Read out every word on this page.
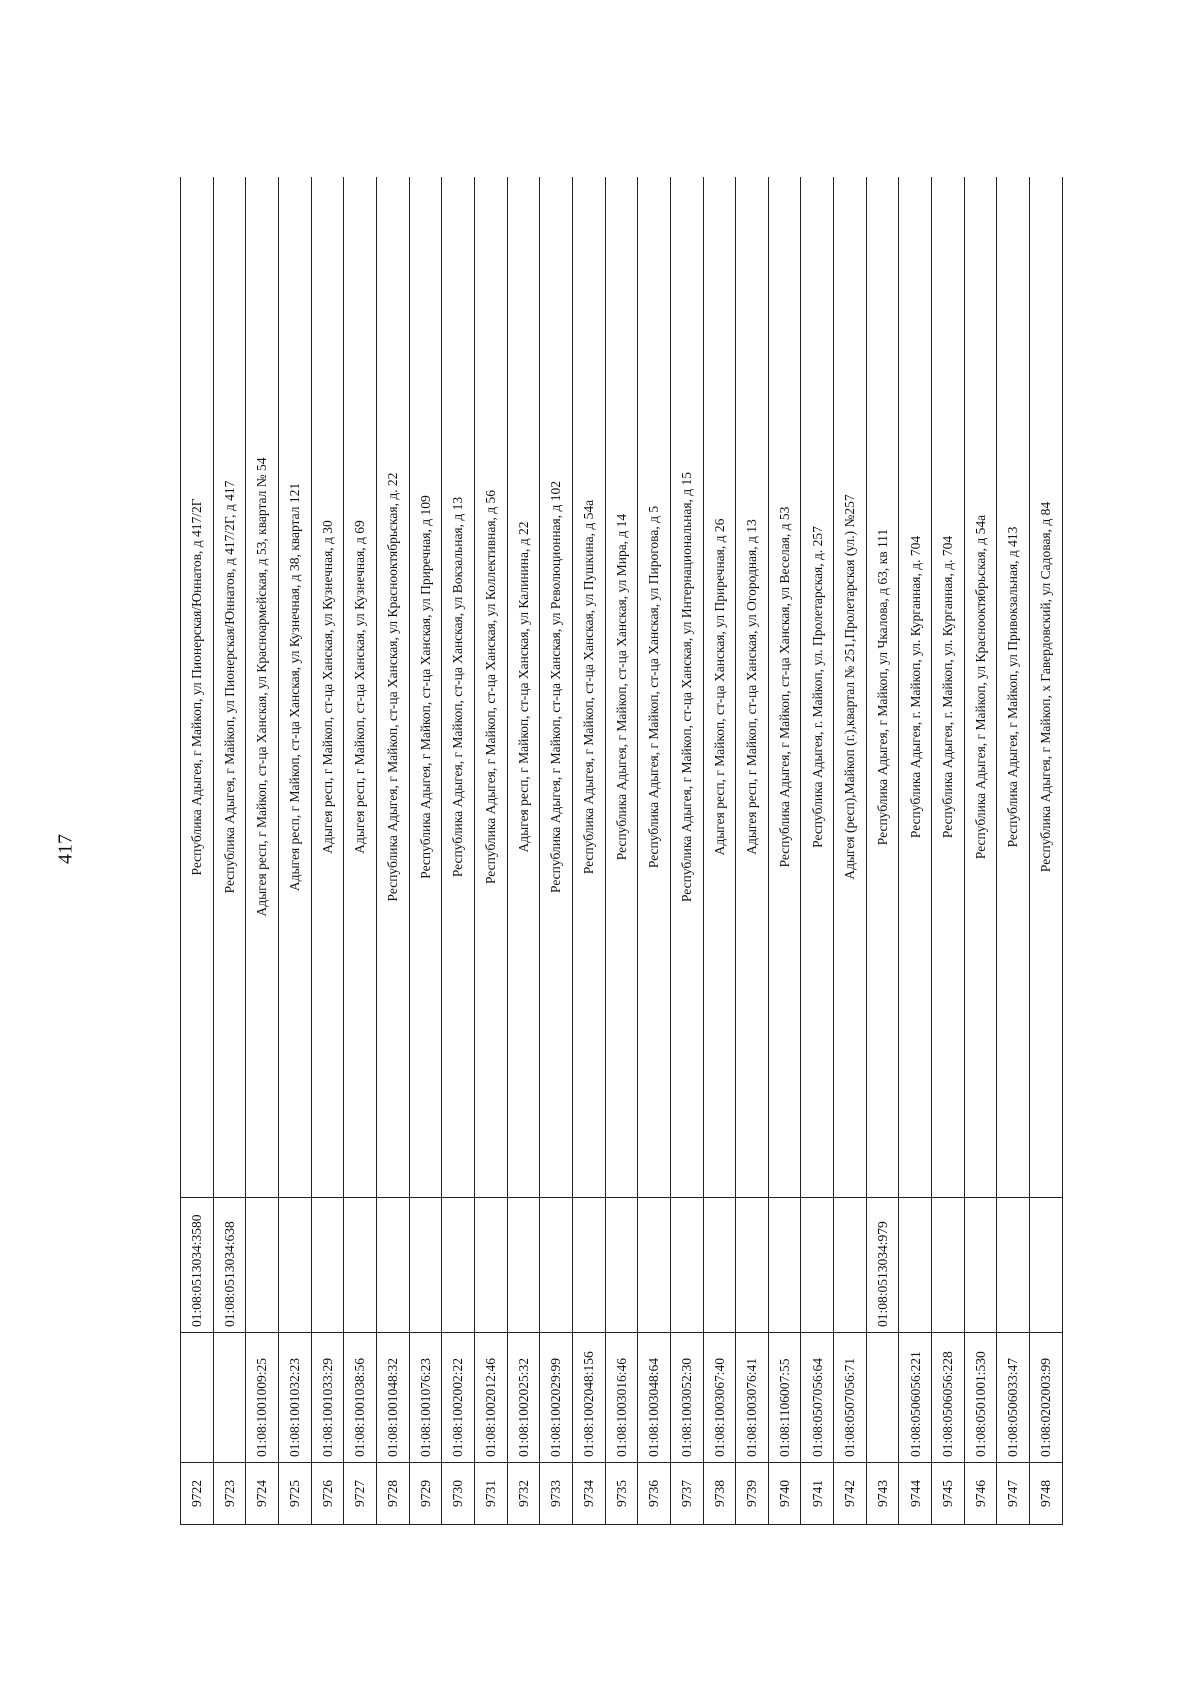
417
9722		01:08:0513034:3580	Республика Адыгея, г Майкоп, ул Пионерская/Юннатов, д 417/2Г
9723		01:08:0513034:638	Республика Адыгея, г Майкоп, ул Пионерская/Юннатов, д 417/2Г, д 417
9724	01:08:1001009:25		Адыгея респ, г Майкоп, ст-ца Ханская, ул Красноармейская, д 53, квартал № 54
9725	01:08:1001032:23		Адыгея респ, г Майкоп, ст-ца Ханская, ул Кузнечная, д 38, квартал 121
9726	01:08:1001033:29		Адыгея респ, г Майкоп, ст-ца Ханская, ул Кузнечная, д 30
9727	01:08:1001038:56		Адыгея респ, г Майкоп, ст-ца Ханская, ул Кузнечная, д 69
9728	01:08:1001048:32		Республика Адыгея, г Майкоп, ст-ца Ханская, ул Краснооктябрьская, д. 22
9729	01:08:1001076:23		Республика Адыгея, г Майкоп, ст-ца Ханская, ул Приречная, д 109
9730	01:08:1002002:22		Республика Адыгея, г Майкоп, ст-ца Ханская, ул Вокзальная, д 13
9731	01:08:1002012:46		Республика Адыгея, г Майкоп, ст-ца Ханская, ул Коллективная, д 56
9732	01:08:1002025:32		Адыгея респ, г Майкоп, ст-ца Ханская, ул Калинина, д 22
9733	01:08:1002029:99		Республика Адыгея, г Майкоп, ст-ца Ханская, ул Революционная, д 102
9734	01:08:1002048:156		Республика Адыгея, г Майкоп, ст-ца Ханская, ул Пушкина, д 54а
9735	01:08:1003016:46		Республика Адыгея, г Майкоп, ст-ца Ханская, ул Мира, д 14
9736	01:08:1003048:64		Республика Адыгея, г Майкоп, ст-ца Ханская, ул Пирогова, д 5
9737	01:08:1003052:30		Республика Адыгея, г Майкоп, ст-ца Ханская, ул Интернациональная, д 15
9738	01:08:1003067:40		Адыгея респ, г Майкоп, ст-ца Ханская, ул Приречная, д 26
9739	01:08:1003076:41		Адыгея респ, г Майкоп, ст-ца Ханская, ул Огородная, д 13
9740	01:08:1106007:55		Республика Адыгея, г Майкоп, ст-ца Ханская, ул Веселая, д 53
9741	01:08:0507056:64		Республика Адыгея, г. Майкоп, ул. Пролетарская, д. 257
9742	01:08:0507056:71		Адыгея (респ),Майкоп (г.),квартал № 251,Пролетарская (ул.) №257
9743		01:08:0513034:979	Республика Адыгея, г Майкоп, ул Чкалова, д 63, кв 111
9744	01:08:0506056:221		Республика Адыгея, г. Майкоп, ул. Курганная, д. 704
9745	01:08:0506056:228		Республика Адыгея, г. Майкоп, ул. Курганная, д. 704
9746	01:08:0501001:530		Республика Адыгея, г Майкоп, ул Краснооктябрьская, д 54а
9747	01:08:0506033:47		Республика Адыгея, г Майкоп, ул Привокзальная, д 413
9748	01:08:0202003:99		Республика Адыгея, г Майкоп, х Гавердовский, ул Садовая, д 84
